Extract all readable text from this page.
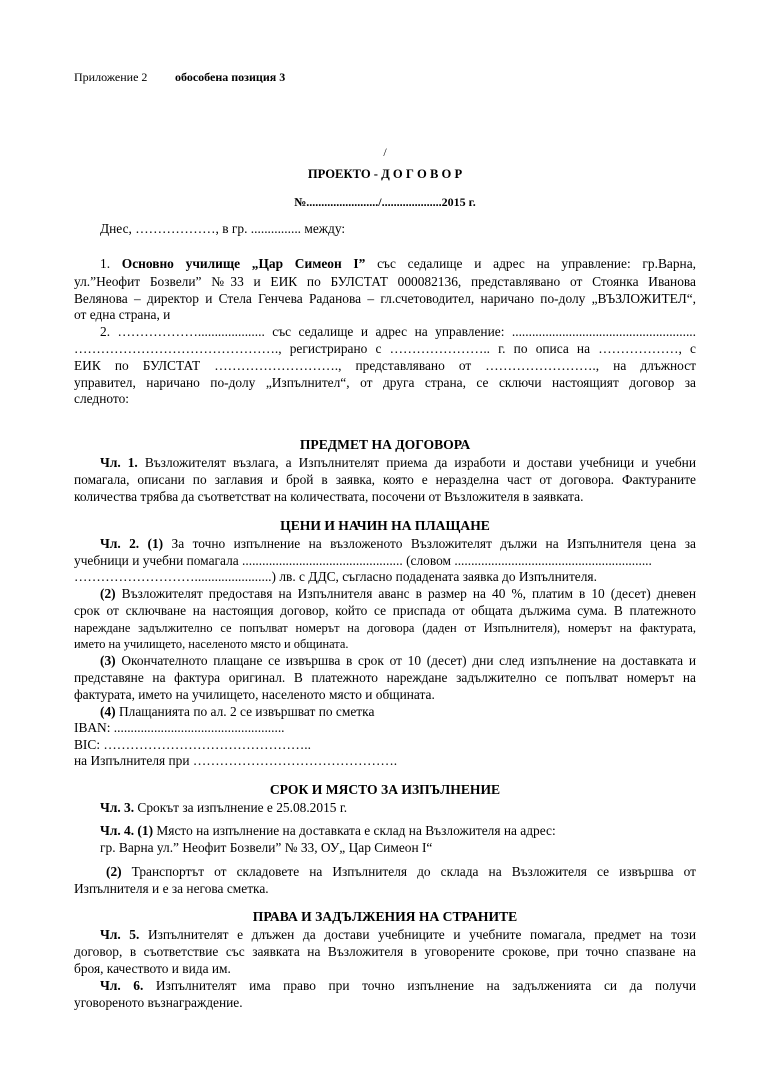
Приложение 2 обособена позиция 3
/
ПРОЕКТО - Д О Г О В О Р
№......................../....................2015 г.
Днес, ………………, в гр. ............... между:
1. Основно училище „Цар Симеон I” със седалище и адрес на управление: гр.Варна,
ул.”Неофит Бозвели” №33 и ЕИК по БУЛСТАТ 000082136, представлявано от Стоянка Иванова
Велянова – директор и Стела Генчева Раданова – гл.счетоводител, наричано по-долу „ВЪЗЛОЖИТЕЛ“,
от една страна, и
2. ……………….................... със седалище и адрес на управление: .......................................................
………………………………………., регистрирано с ………………….. г. по описа на ………………, с
ЕИК по БУЛСТАТ ………………………., представлявано от ……………………., на длъжност
управител, наричано по-долу „Изпълнител“, от друга страна, се сключи настоящият договор за
следното:
ПРЕДМЕТ НА ДОГОВОРА
Чл. 1. Възложителят възлага, а Изпълнителят приема да изработи и достави учебници и учебни
помагала, описани по заглавия и брой в заявка, която е неразделна част от договора. Фактураните
количества трябва да съответстват на количествата, посочени от Възложителя в заявката.
ЦЕНИ И НАЧИН НА ПЛАЩАНЕ
Чл. 2. (1) За точно изпълнение на възложеното Възложителят дължи на Изпълнителя цена за
учебници и учебни помагала ................................................ (словом ...........................................................
……………………….......................) лв. с ДДС, съгласно подадената заявка до Изпълнителя.
(2) Възложителят предоставя на Изпълнителя аванс в размер на 40 %, платим в 10 (десет) дневен
срок от сключване на настоящия договор, който се приспада от общата дължима сума. В платежното
нареждане задължително се попълват номерът на договора (даден от Изпълнителя), номерът на фактурата,
името на училището, населеното място и общината.
(3) Окончателното плащане се извършва в срок от 10 (десет) дни след изпълнение на доставката и
представяне на фактура оригинал. В платежното нареждане задължително се попълват номерът на
фактурата, името на училището, населеното място и общината.
(4) Плащанията по ал. 2 се извършват по сметка
IBAN: ...................................................
BIC: ………………………………………..
на Изпълнителя при ……………………………………….
СРОК И МЯСТО ЗА ИЗПЪЛНЕНИЕ
Чл. 3. Срокът за изпълнение е 25.08.2015 г.
Чл. 4. (1) Място на изпълнение на доставката е склад на Възложителя на адрес:
гр. Варна ул.” Неофит Бозвели” № 33, ОУ„ Цар Симеон I“
(2) Транспортът от складовете на Изпълнителя до склада на Възложителя се извършва от
Изпълнителя и е за негова сметка.
ПРАВА И ЗАДЪЛЖЕНИЯ НА СТРАНИТЕ
Чл. 5. Изпълнителят е длъжен да достави учебниците и учебните помагала, предмет на този
договор, в съответствие със заявката на Възложителя в уговорените срокове, при точно спазване на
броя, качеството и вида им.
Чл. 6. Изпълнителят има право при точно изпълнение на задълженията си да получи
уговореното възнаграждение.
